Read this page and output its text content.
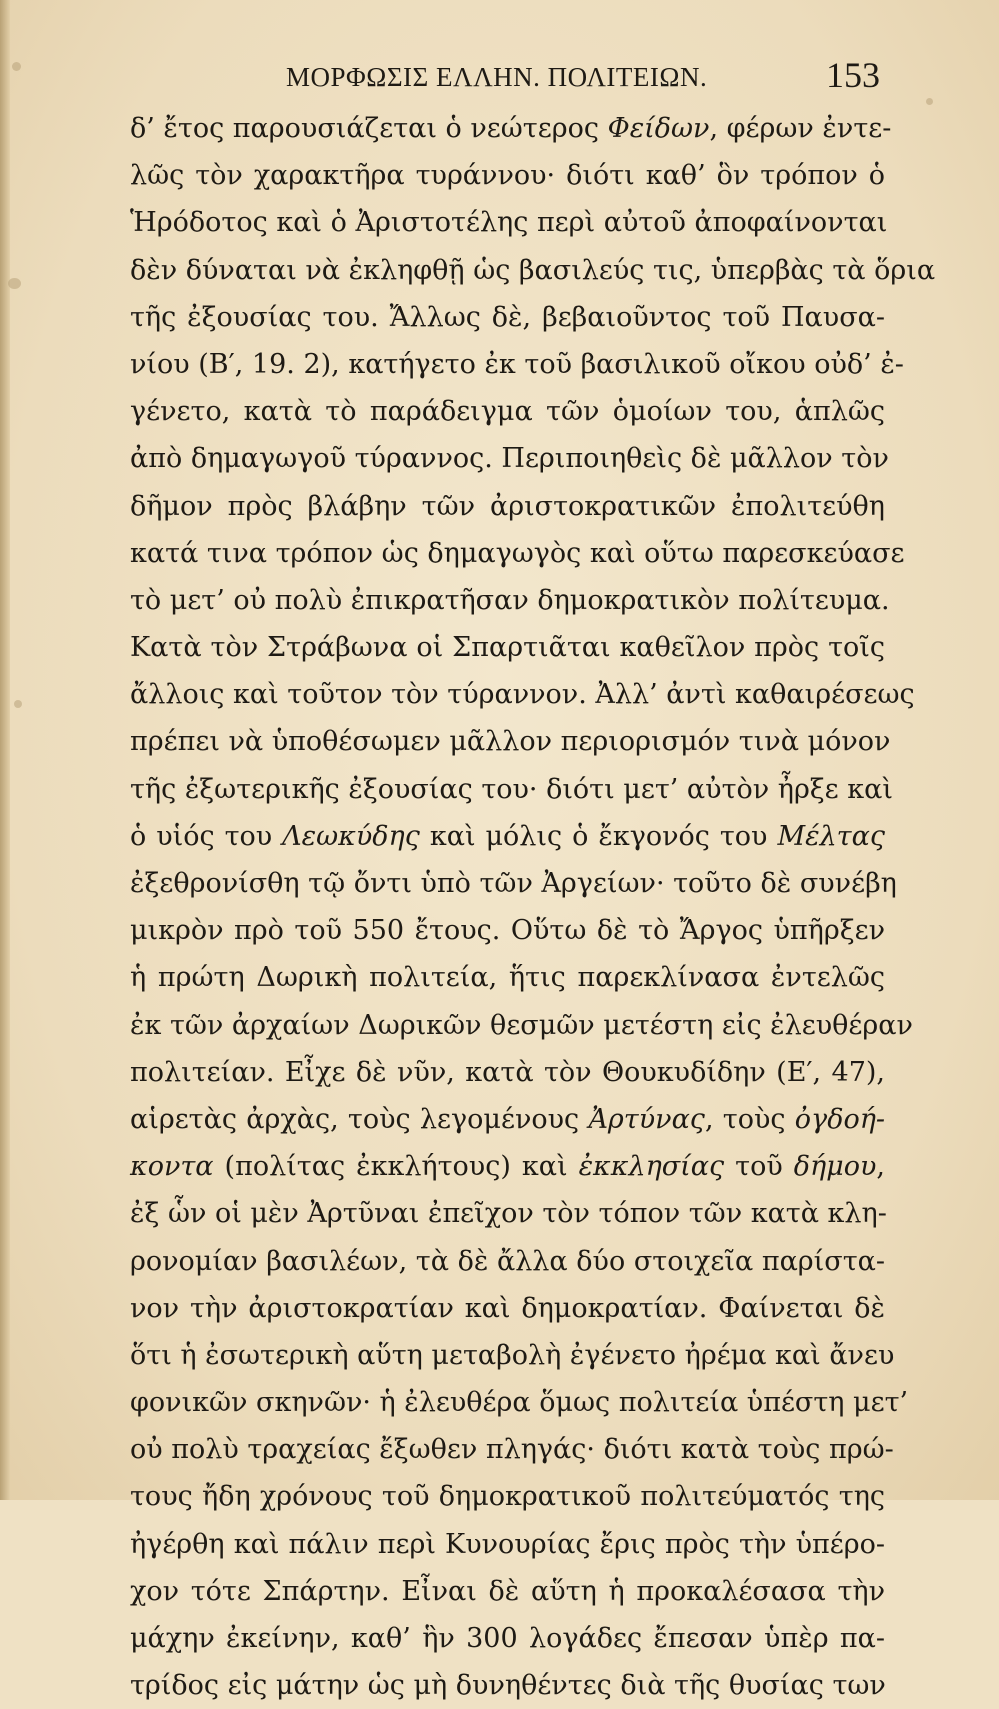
ΜΟΡΦΩΣΙΣ ΕΛΛΗΝ. ΠΟΛΙΤΕΙΩΝ.	153
δ’ ἔτος παρουσιάζεται ὁ νεώτερος Φείδων, φέρων ἐντε-
λῶς τὸν χαρακτῆρα τυράννου· διότι καθ’ ὃν τρόπον ὁ
Ἡρόδοτος καὶ ὁ Ἀριστοτέλης περὶ αὐτοῦ ἀποφαίνονται
δὲν δύναται νὰ ἐκληφθῇ ὡς βασιλεύς τις, ὑπερβὰς τὰ ὅρια
τῆς ἐξουσίας του. Ἄλλως δὲ, βεβαιοῦντος τοῦ Παυσα-
νίου (Β′, 19. 2), κατήγετο ἐκ τοῦ βασιλικοῦ οἴκου οὐδ’ ἐ-
γένετο, κατὰ τὸ παράδειγμα τῶν ὁμοίων του, ἁπλῶς
ἀπὸ δημαγωγοῦ τύραννος. Περιποιηθεὶς δὲ μᾶλλον τὸν
δῆμον πρὸς βλάβην τῶν ἀριστοκρατικῶν ἐπολιτεύθη
κατά τινα τρόπον ὡς δημαγωγὸς καὶ οὕτω παρεσκεύασε
τὸ μετ’ οὐ πολὺ ἐπικρατῆσαν δημοκρατικὸν πολίτευμα.
Κατὰ τὸν Στράβωνα οἱ Σπαρτιᾶται καθεῖλον πρὸς τοῖς
ἄλλοις καὶ τοῦτον τὸν τύραννον. Ἀλλ’ ἀντὶ καθαιρέσεως
πρέπει νὰ ὑποθέσωμεν μᾶλλον περιορισμόν τινὰ μόνον
τῆς ἐξωτερικῆς ἐξουσίας του· διότι μετ’ αὐτὸν ἦρξε καὶ
ὁ υἱός του Λεωκύδης καὶ μόλις ὁ ἔκγονός του Μέλτας
ἐξεθρονίσθη τῷ ὄντι ὑπὸ τῶν Ἀργείων· τοῦτο δὲ συνέβη
μικρὸν πρὸ τοῦ 550 ἔτους. Οὕτω δὲ τὸ Ἄργος ὑπῆρξεν
ἡ πρώτη Δωρικὴ πολιτεία, ἥτις παρεκλίνασα ἐντελῶς
ἐκ τῶν ἀρχαίων Δωρικῶν θεσμῶν μετέστη εἰς ἐλευθέραν
πολιτείαν. Εἶχε δὲ νῦν, κατὰ τὸν Θουκυδίδην (Ε′, 47),
αἱρετὰς ἀρχὰς, τοὺς λεγομένους Ἀρτύνας, τοὺς ὀγδοή-
κοντα (πολίτας ἐκκλήτους) καὶ ἐκκλησίας τοῦ δήμου,
ἐξ ὧν οἱ μὲν Ἀρτῦναι ἐπεῖχον τὸν τόπον τῶν κατὰ κλη-
ρονομίαν βασιλέων, τὰ δὲ ἄλλα δύο στοιχεῖα παρίστα-
νον τὴν ἀριστοκρατίαν καὶ δημοκρατίαν. Φαίνεται δὲ
ὅτι ἡ ἐσωτερικὴ αὕτη μεταβολὴ ἐγένετο ἠρέμα καὶ ἄνευ
φονικῶν σκηνῶν· ἡ ἐλευθέρα ὅμως πολιτεία ὑπέστη μετ’
οὐ πολὺ τραχείας ἔξωθεν πληγάς· διότι κατὰ τοὺς πρώ-
τους ἤδη χρόνους τοῦ δημοκρατικοῦ πολιτεύματός της
ἠγέρθη καὶ πάλιν περὶ Κυνουρίας ἔρις πρὸς τὴν ὑπέρο-
χον τότε Σπάρτην. Εἶναι δὲ αὕτη ἡ προκαλέσασα τὴν
μάχην ἐκείνην, καθ’ ἣν 300 λογάδες ἔπεσαν ὑπὲρ πα-
τρίδος εἰς μάτην ὡς μὴ δυνηθέντες διὰ τῆς θυσίας των
